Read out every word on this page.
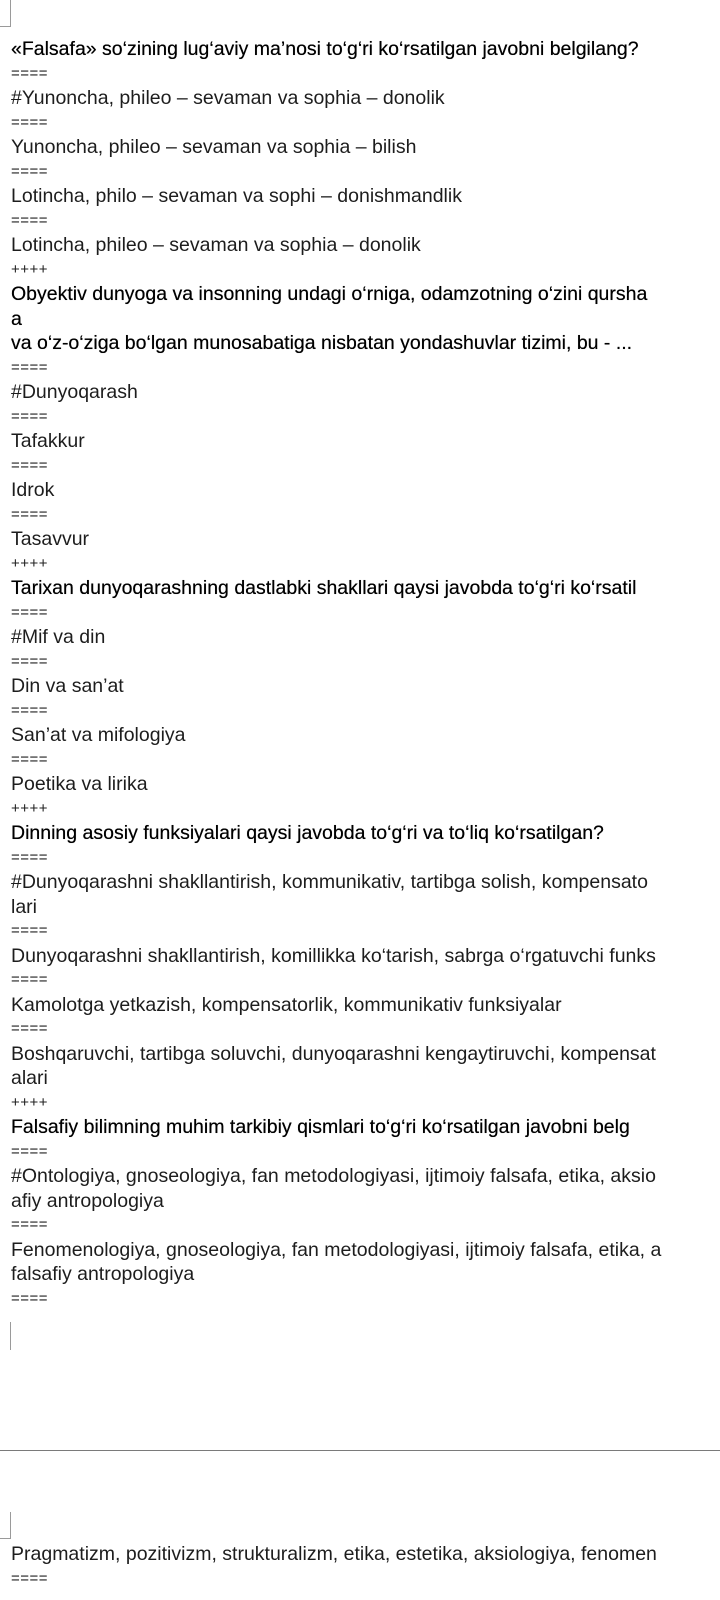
«Falsafa» so‘zining lug‘aviy ma’nosi to‘g‘ri ko‘rsatilgan javobni belgilang?
====
#Yunoncha, phileo – sevaman va sophia – donolik
====
Yunoncha, phileo – sevaman va sophia – bilish
====
Lotincha, philo – sevaman va sophi – donishmandlik
====
Lotincha, phileo – sevaman va sophia – donolik
++++
Obyektiv dunyoga va insonning undagi o‘rniga, odamzotning o‘zini qursha
a
va o‘z-o‘ziga bo‘lgan munosabatiga nisbatan yondashuvlar tizimi, bu - ...
====
#Dunyoqarash
====
Tafakkur
====
Idrok
====
Tasavvur
++++
Tarixan dunyoqarashning dastlabki shakllari qaysi javobda to‘g‘ri ko‘rsatil
====
#Mif va din
====
Din va san’at
====
San’at va mifologiya
====
Poetika va lirika
++++
Dinning asosiy funksiyalari qaysi javobda to‘g‘ri va to‘liq ko‘rsatilgan?
====
#Dunyoqarashni shakllantirish, kommunikativ, tartibga solish, kompensato
lari
====
Dunyoqarashni shakllantirish, komillikka ko‘tarish, sabrga o‘rgatuvchi funks
====
Kamolotga yetkazish, kompensatorlik, kommunikativ funksiyalar
====
Boshqaruvchi, tartibga soluvchi, dunyoqarashni kengaytiruvchi, kompensat
alari
++++
Falsafiy bilimning muhim tarkibiy qismlari to‘g‘ri ko‘rsatilgan javobni belg
====
#Ontologiya, gnoseologiya, fan metodologiyasi, ijtimoiy falsafa, etika, aksio
afiy antropologiya
====
Fenomenologiya, gnoseologiya, fan metodologiyasi, ijtimoiy falsafa, etika, a
falsafiy antropologiya
====
Pragmatizm, pozitivizm, strukturalizm, etika, estetika, aksiologiya, fenomen
====
